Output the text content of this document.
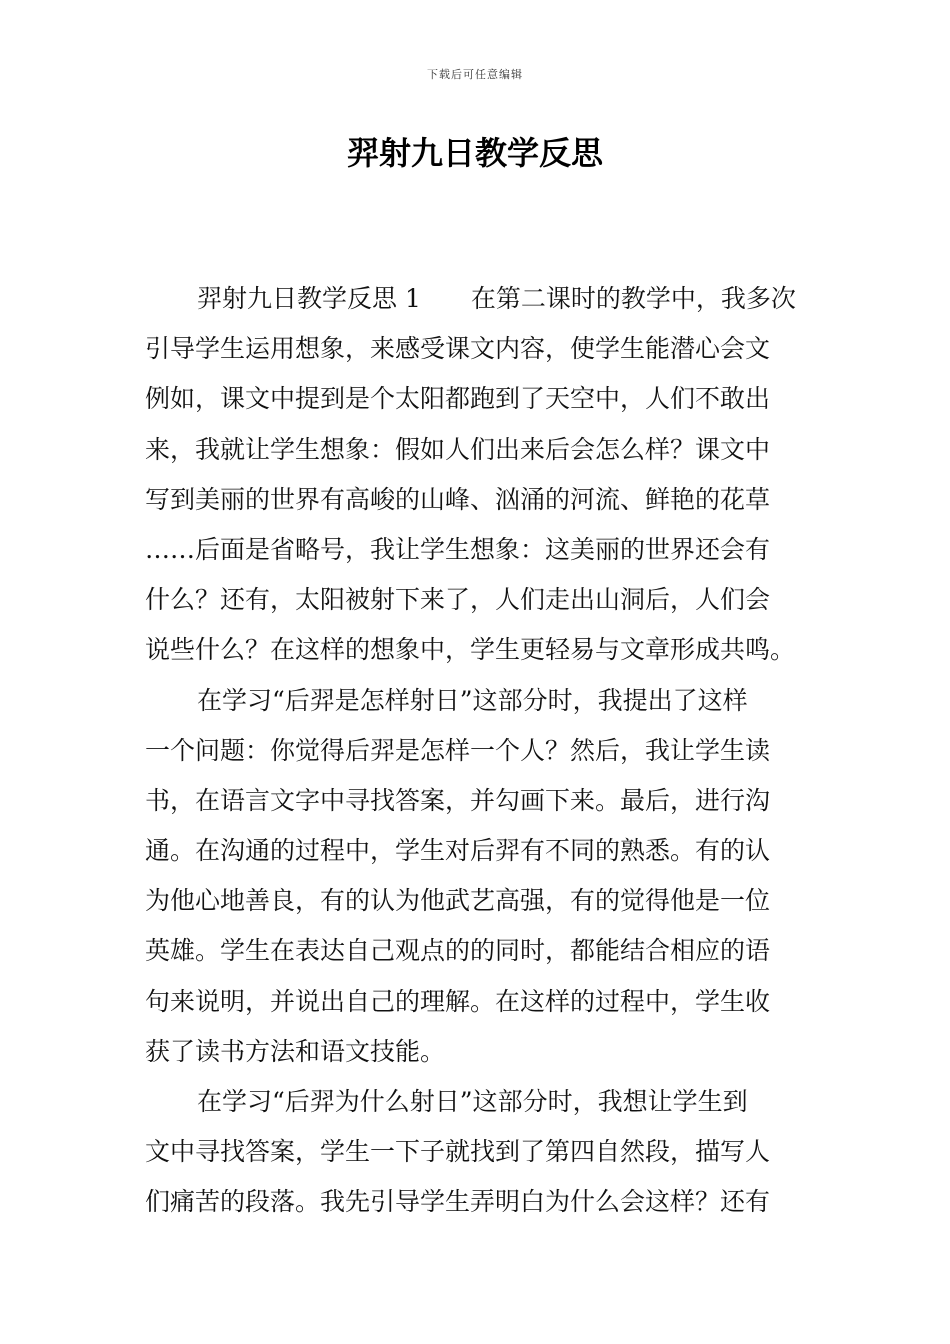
下载后可任意编辑
羿射九日教学反思
羿射九日教学反思 1　　在第二课时的教学中，我多次
引导学生运用想象，来感受课文内容，使学生能潜心会文
例如，课文中提到是个太阳都跑到了天空中，人们不敢出
来，我就让学生想象：假如人们出来后会怎么样？课文中
写到美丽的世界有高峻的山峰、汹涌的河流、鲜艳的花草
……后面是省略号，我让学生想象：这美丽的世界还会有
什么？还有，太阳被射下来了，人们走出山洞后，人们会
说些什么？在这样的想象中，学生更轻易与文章形成共鸣。
在学习“后羿是怎样射日”这部分时，我提出了这样
一个问题：你觉得后羿是怎样一个人？然后，我让学生读
书，在语言文字中寻找答案，并勾画下来。最后，进行沟
通。在沟通的过程中，学生对后羿有不同的熟悉。有的认
为他心地善良，有的认为他武艺高强，有的觉得他是一位
英雄。学生在表达自己观点的的同时，都能结合相应的语
句来说明，并说出自己的理解。在这样的过程中，学生收
获了读书方法和语文技能。
在学习“后羿为什么射日”这部分时，我想让学生到
文中寻找答案，学生一下子就找到了第四自然段，描写人
们痛苦的段落。我先引导学生弄明白为什么会这样？还有
